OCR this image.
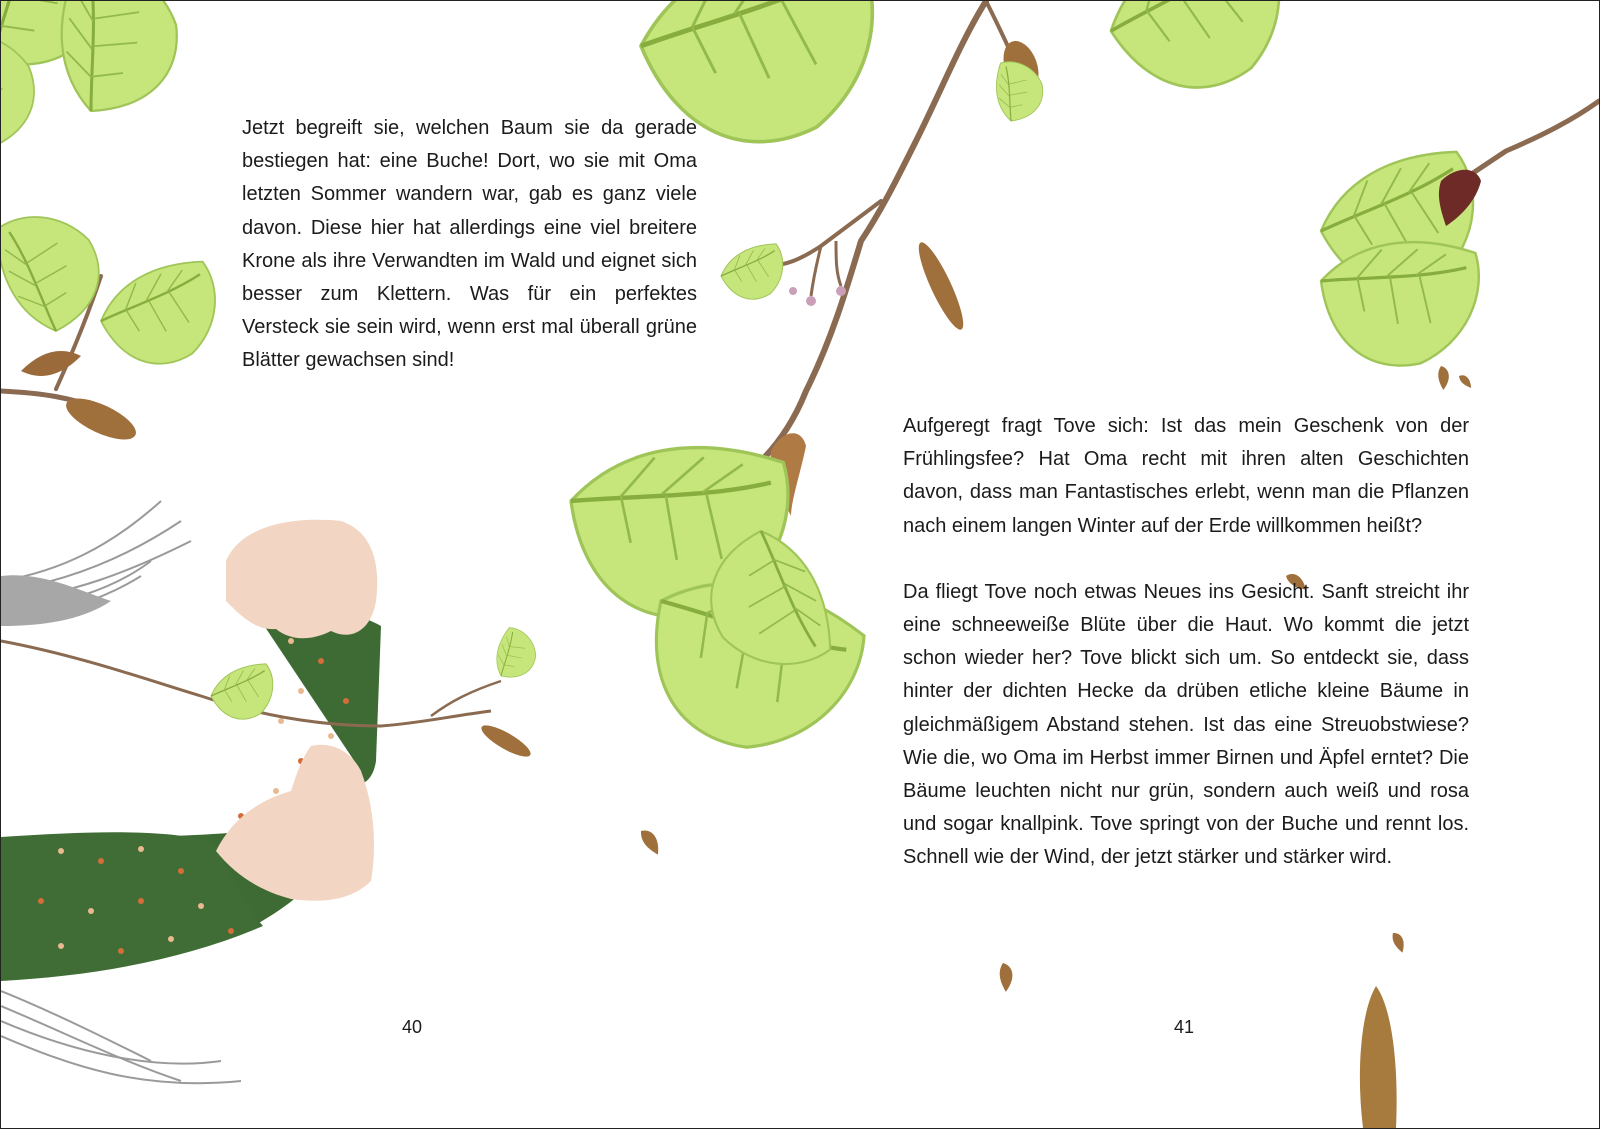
Jetzt begreift sie, welchen Baum sie da gerade bestiegen hat: eine Buche! Dort, wo sie mit Oma letzten Sommer wandern war, gab es ganz viele davon. Diese hier hat allerdings eine viel breitere Krone als ihre Verwandten im Wald und eignet sich besser zum Klettern. Was für ein perfektes Versteck sie sein wird, wenn erst mal überall grüne Blätter gewachsen sind!

Aufgeregt fragt Tove sich: Ist das mein Geschenk von der Frühlingsfee? Hat Oma recht mit ihren alten Geschichten davon, dass man Fantastisches erlebt, wenn man die Pflanzen nach einem langen Winter auf der Erde willkommen heißt?

Da fliegt Tove noch etwas Neues ins Gesicht. Sanft streicht ihr eine schneeweiße Blüte über die Haut. Wo kommt die jetzt schon wieder her? Tove blickt sich um. So entdeckt sie, dass hinter der dichten Hecke da drüben etliche kleine Bäume in gleichmäßigem Abstand stehen. Ist das eine Streuobstwiese? Wie die, wo Oma im Herbst immer Birnen und Äpfel erntet? Die Bäume leuchten nicht nur grün, sondern auch weiß und rosa und sogar knallpink. Tove springt von der Buche und rennt los. Schnell wie der Wind, der jetzt stärker und stärker wird.

40	41
